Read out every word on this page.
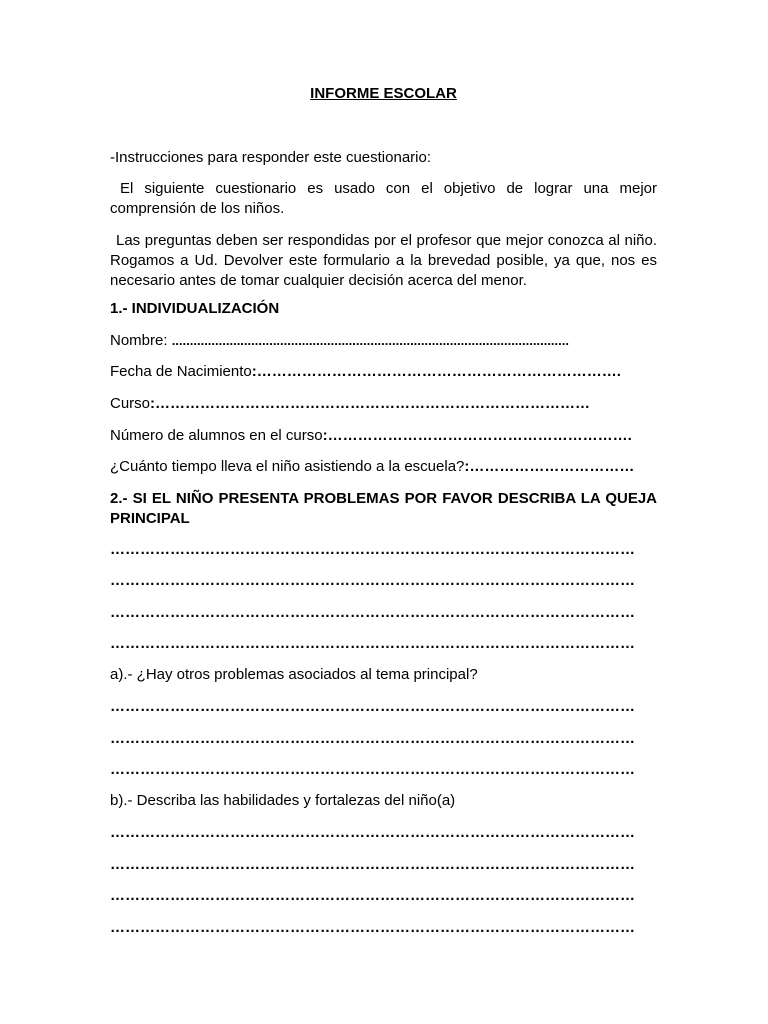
INFORME ESCOLAR
-Instrucciones para responder este cuestionario:
El siguiente cuestionario es usado con el objetivo de lograr una mejor comprensión de los niños.
Las preguntas deben ser respondidas por el profesor que mejor conozca al niño. Rogamos a Ud. Devolver este formulario a la brevedad posible, ya que, nos es necesario antes de tomar cualquier decisión acerca del menor.
1.- INDIVIDUALIZACIÓN
Nombre: ..............................................................................................................
Fecha de Nacimiento:……………………………………………………………….
Curso:……………………………………………………………………………
Número de alumnos en el curso:…………………………………………………….
¿Cuánto tiempo lleva el niño asistiendo a la escuela?:……………………………
2.- SI EL NIÑO PRESENTA PROBLEMAS POR FAVOR DESCRIBA LA QUEJA PRINCIPAL
……………………………………………………………………………………………
……………………………………………………………………………………………
……………………………………………………………………………………………
……………………………………………………………………………………………
a).- ¿Hay otros problemas asociados al tema principal?
……………………………………………………………………………………………
……………………………………………………………………………………………
……………………………………………………………………………………………
b).- Describa las habilidades y fortalezas del niño(a)
……………………………………………………………………………………………
……………………………………………………………………………………………
……………………………………………………………………………………………
……………………………………………………………………………………………
